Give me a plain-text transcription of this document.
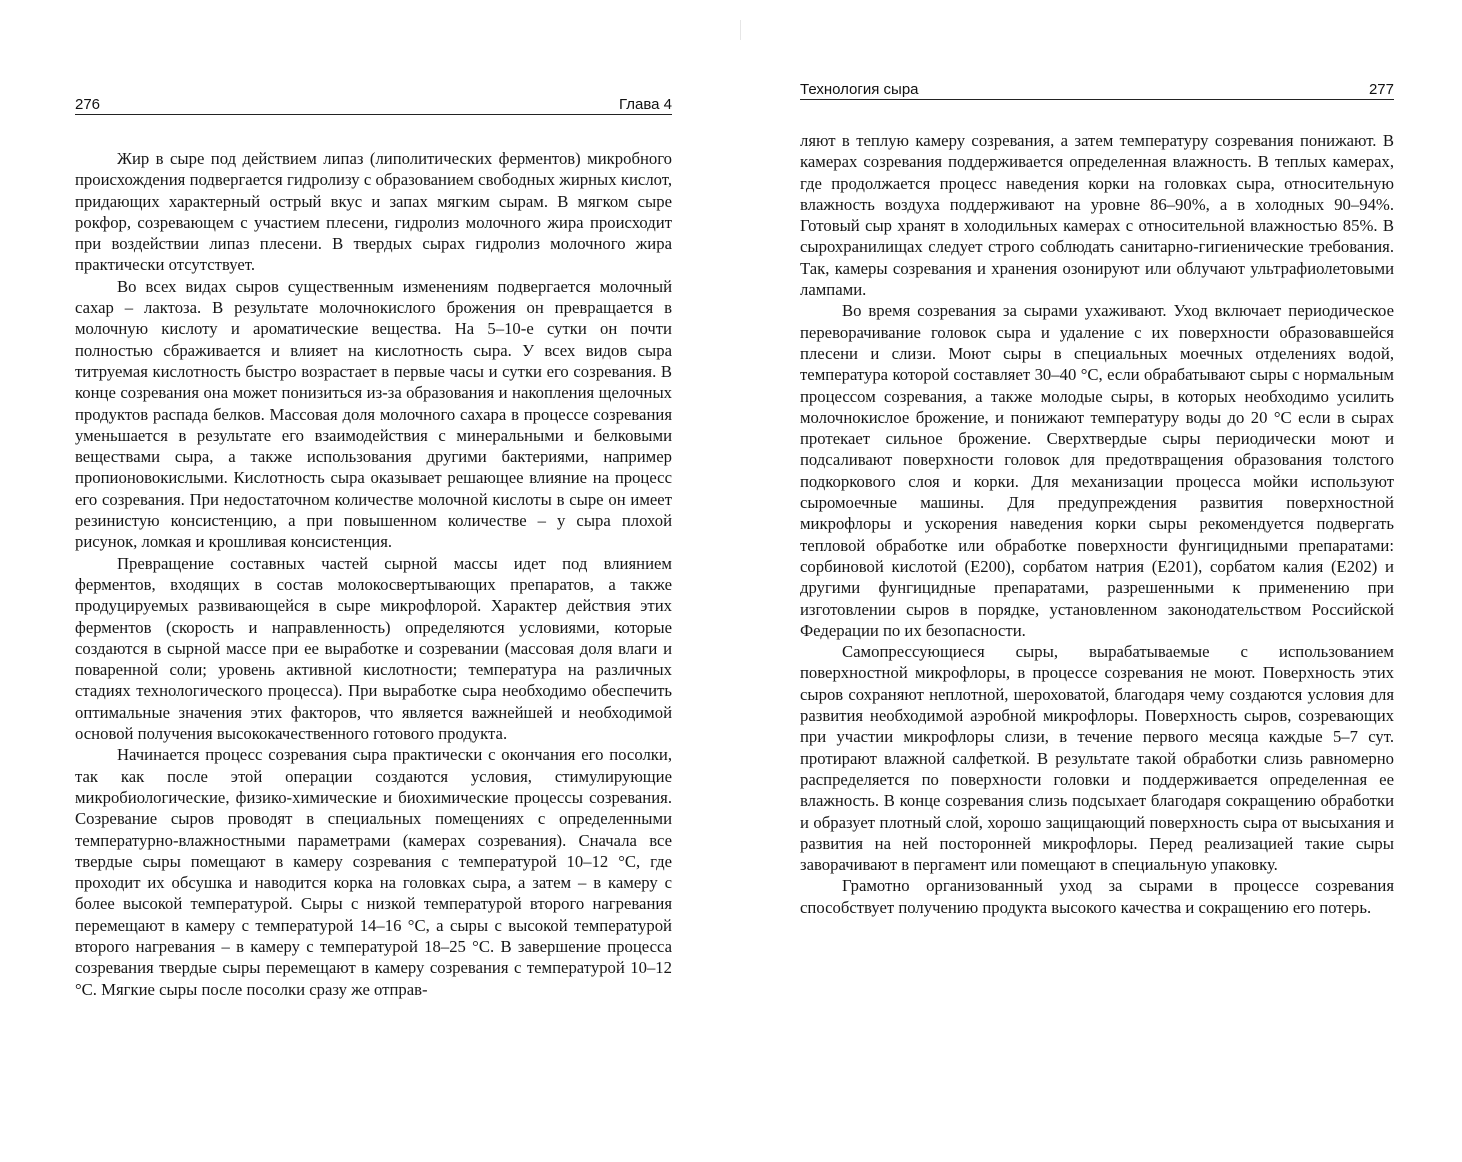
276	Глава 4

Жир в сыре под действием липаз (липолитических ферментов) микробного происхождения подвергается гидролизу с образованием свободных жирных кислот, придающих характерный острый вкус и запах мягким сырам. В мягком сыре рокфор, созревающем с участием плесени, гидролиз молочного жира происходит при воздействии липаз плесени. В твердых сырах гидролиз молочного жира практически отсутствует.

Во всех видах сыров существенным изменениям подвергается молочный сахар – лактоза. В результате молочнокислого брожения он превращается в молочную кислоту и ароматические вещества. На 5–10-е сутки он почти полностью сбраживается и влияет на кислотность сыра. У всех видов сыра титруемая кислотность быстро возрастает в первые часы и сутки его созревания. В конце созревания она может понизиться из-за образования и накопления щелочных продуктов распада белков. Массовая доля молочного сахара в процессе созревания уменьшается в результате его взаимодействия с минеральными и белковыми веществами сыра, а также использования другими бактериями, например пропионовокислыми. Кислотность сыра оказывает решающее влияние на процесс его созревания. При недостаточном количестве молочной кислоты в сыре он имеет резинистую консистенцию, а при повышенном количестве – у сыра плохой рисунок, ломкая и крошливая консистенция.

Превращение составных частей сырной массы идет под влиянием ферментов, входящих в состав молокосвертывающих препаратов, а также продуцируемых развивающейся в сыре микрофлорой. Характер действия этих ферментов (скорость и направленность) определяются условиями, которые создаются в сырной массе при ее выработке и созревании (массовая доля влаги и поваренной соли; уровень активной кислотности; температура на различных стадиях технологического процесса). При выработке сыра необходимо обеспечить оптимальные значения этих факторов, что является важнейшей и необходимой основой получения высококачественного готового продукта.

Начинается процесс созревания сыра практически с окончания его посолки, так как после этой операции создаются условия, стимулирующие микробиологические, физико-химические и биохимические процессы созревания. Созревание сыров проводят в специальных помещениях с определенными температурно-влажностными параметрами (камерах созревания). Сначала все твердые сыры помещают в камеру созревания с температурой 10–12 °С, где проходит их обсушка и наводится корка на головках сыра, а затем – в камеру с более высокой температурой. Сыры с низкой температурой второго нагревания перемещают в камеру с температурой 14–16 °С, а сыры с высокой температурой второго нагревания – в камеру с температурой 18–25 °С. В завершение процесса созревания твердые сыры перемещают в камеру созревания с температурой 10–12 °С. Мягкие сыры после посолки сразу же отправ-

Технология сыра	277

ляют в теплую камеру созревания, а затем температуру созревания понижают. В камерах созревания поддерживается определенная влажность. В теплых камерах, где продолжается процесс наведения корки на головках сыра, относительную влажность воздуха поддерживают на уровне 86–90%, а в холодных 90–94%. Готовый сыр хранят в холодильных камерах с относительной влажностью 85%. В сырохранилищах следует строго соблюдать санитарно-гигиенические требования. Так, камеры созревания и хранения озонируют или облучают ультрафиолетовыми лампами.

Во время созревания за сырами ухаживают. Уход включает периодическое переворачивание головок сыра и удаление с их поверхности образовавшейся плесени и слизи. Моют сыры в специальных моечных отделениях водой, температура которой составляет 30–40 °С, если обрабатывают сыры с нормальным процессом созревания, а также молодые сыры, в которых необходимо усилить молочнокислое брожение, и понижают температуру воды до 20 °С если в сырах протекает сильное брожение. Сверхтвердые сыры периодически моют и подсаливают поверхности головок для предотвращения образования толстого подкоркового слоя и корки. Для механизации процесса мойки используют сыромоечные машины. Для предупреждения развития поверхностной микрофлоры и ускорения наведения корки сыры рекомендуется подвергать тепловой обработке или обработке поверхности фунгицидными препаратами: сорбиновой кислотой (Е200), сорбатом натрия (Е201), сорбатом калия (Е202) и другими фунгицидные препаратами, разрешенными к применению при изготовлении сыров в порядке, установленном законодательством Российской Федерации по их безопасности.

Самопрессующиеся сыры, вырабатываемые с использованием поверхностной микрофлоры, в процессе созревания не моют. Поверхность этих сыров сохраняют неплотной, шероховатой, благодаря чему создаются условия для развития необходимой аэробной микрофлоры. Поверхность сыров, созревающих при участии микрофлоры слизи, в течение первого месяца каждые 5–7 сут. протирают влажной салфеткой. В результате такой обработки слизь равномерно распределяется по поверхности головки и поддерживается определенная ее влажность. В конце созревания слизь подсыхает благодаря сокращению обработки и образует плотный слой, хорошо защищающий поверхность сыра от высыхания и развития на ней посторонней микрофлоры. Перед реализацией такие сыры заворачивают в пергамент или помещают в специальную упаковку.

Грамотно организованный уход за сырами в процессе созревания способствует получению продукта высокого качества и сокращению его потерь.
